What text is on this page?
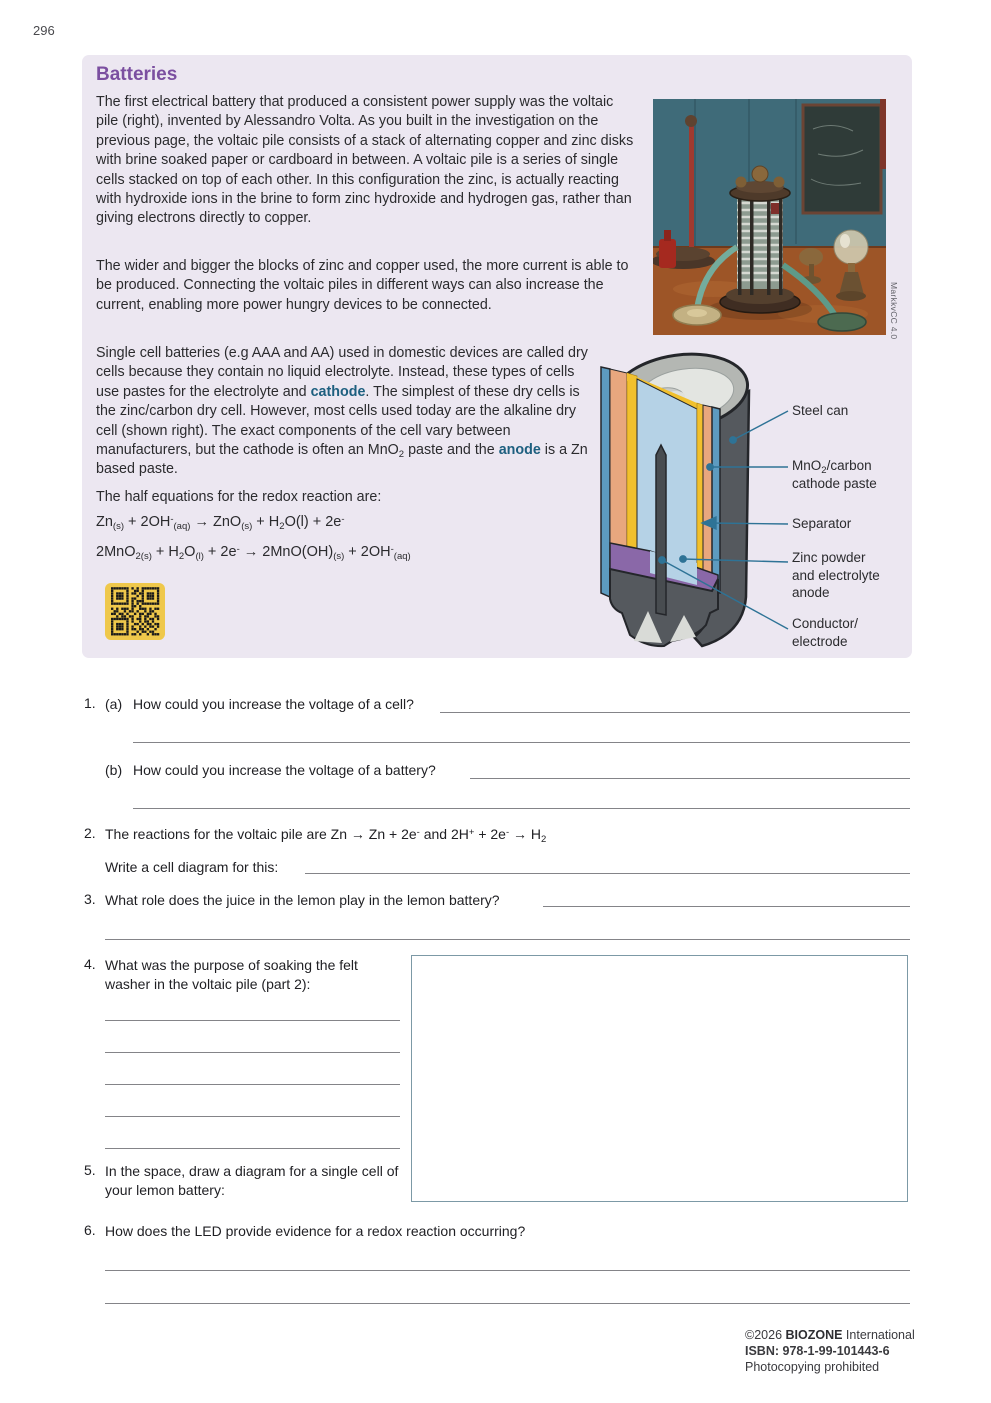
296
Batteries
The first electrical battery that produced a consistent power supply was the voltaic pile (right), invented by Alessandro Volta. As you built in the investigation on the previous page, the voltaic pile consists of a stack of alternating copper and zinc disks with brine soaked paper or cardboard in between. A voltaic pile is a series of single cells stacked on top of each other. In this configuration the zinc, is actually reacting with hydroxide ions in the brine to form zinc hydroxide and hydrogen gas, rather than giving electrons directly to copper.
The wider and bigger the blocks of zinc and copper used, the more current is able to be produced. Connecting the voltaic piles in different ways can also increase the current, enabling more power hungry devices to be connected.
Single cell batteries (e.g AAA and AA) used in domestic devices are called dry cells because they contain no liquid electrolyte. Instead, these types of cells use pastes for the electrolyte and cathode. The simplest of these dry cells is the zinc/carbon dry cell. However, most cells used today are the alkaline dry cell (shown right). The exact components of the cell vary between manufacturers, but the cathode is often an MnO$_2$ paste and the anode is a Zn based paste.
The half equations for the redox reaction are:
$Zn_{(s)} + 2OH^-_{(aq)} \to ZnO_{(s)} + H_2O(l) + 2e^-$
$2MnO_{2(s)} + H_2O_{(l)} + 2e^- \to 2MnO(OH)_{(s)} + 2OH^-_{(aq)}$
MarkkvCC 4.0
Steel can
MnO$_2$/carbon
cathode paste
Separator
Zinc powder
and electrolyte
anode
Conductor/
electrode
1. (a) How could you increase the voltage of a cell?
(b) How could you increase the voltage of a battery?
2. The reactions for the voltaic pile are Zn → Zn + 2e- and $2H^+ + 2e^- \to H_2$
Write a cell diagram for this:
3. What role does the juice in the lemon play in the lemon battery?
4. What was the purpose of soaking the felt washer in the voltaic pile (part 2):
5. In the space, draw a diagram for a single cell of your lemon battery:
6. How does the LED provide evidence for a redox reaction occurring?
©2026 BIOZONE International
ISBN: 978-1-99-101443-6
Photocopying prohibited
